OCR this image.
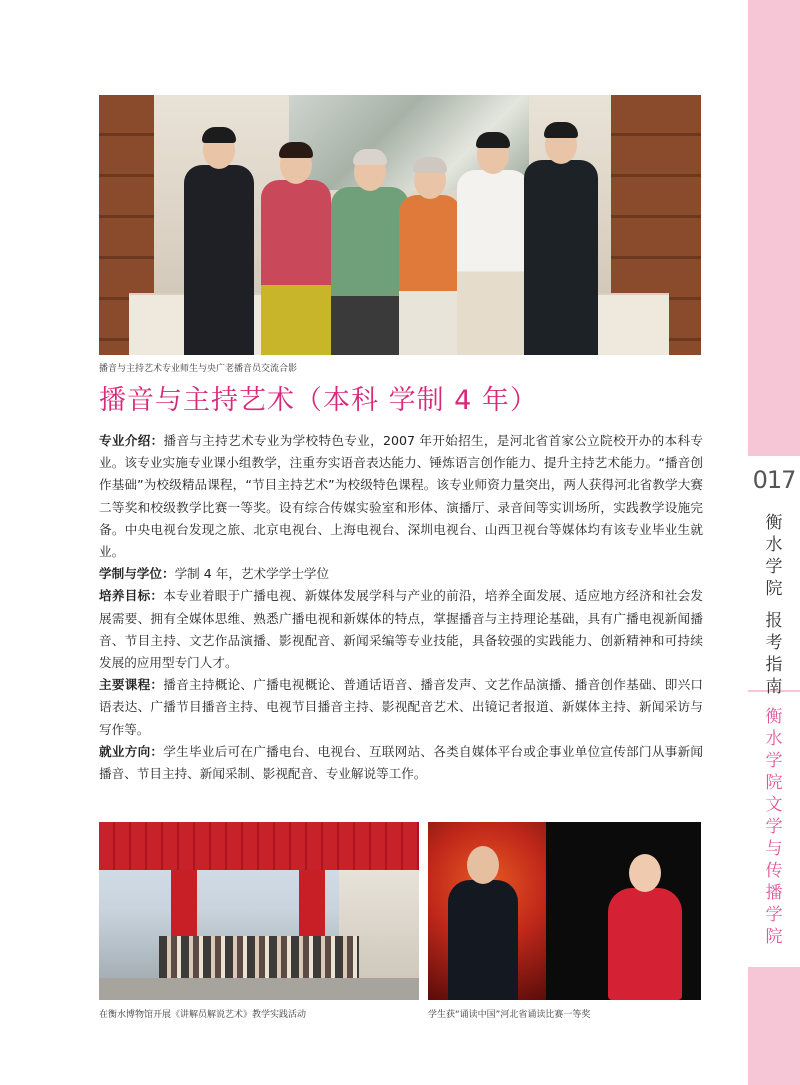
播音与主持艺术专业师生与央广老播音员交流合影
播音与主持艺术（本科 学制 4 年）

专业介绍：播音与主持艺术专业为学校特色专业，2007 年开始招生，是河北省首家公立院校开办的本科专业。该专业实施专业课小组教学，注重夯实语音表达能力、锤炼语言创作能力、提升主持艺术能力。“播音创作基础”为校级精品课程，“节目主持艺术”为校级特色课程。该专业师资力量突出，两人获得河北省教学大赛二等奖和校级教学比赛一等奖。设有综合传媒实验室和形体、演播厅、录音间等实训场所，实践教学设施完备。中央电视台发现之旅、北京电视台、上海电视台、深圳电视台、山西卫视台等媒体均有该专业毕业生就业。

学制与学位：学制 4 年，艺术学学士学位

培养目标：本专业着眼于广播电视、新媒体发展学科与产业的前沿，培养全面发展、适应地方经济和社会发展需要、拥有全媒体思维、熟悉广播电视和新媒体的特点，掌握播音与主持理论基础，具有广播电视新闻播音、节目主持、文艺作品演播、影视配音、新闻采编等专业技能，具备较强的实践能力、创新精神和可持续发展的应用型专门人才。

主要课程：播音主持概论、广播电视概论、普通话语音、播音发声、文艺作品演播、播音创作基础、即兴口语表达、广播节目播音主持、电视节目播音主持、影视配音艺术、出镜记者报道、新媒体主持、新闻采访与写作等。

就业方向：学生毕业后可在广播电台、电视台、互联网站、各类自媒体平台或企事业单位宣传部门从事新闻播音、节目主持、新闻采制、影视配音、专业解说等工作。

在衡水博物馆开展《讲解员解说艺术》教学实践活动	学生获“诵读中国”河北省诵读比赛一等奖
017
衡
水
学
院
报
考
指
南
衡
水
学
院
文
学
与
传
播
学
院
